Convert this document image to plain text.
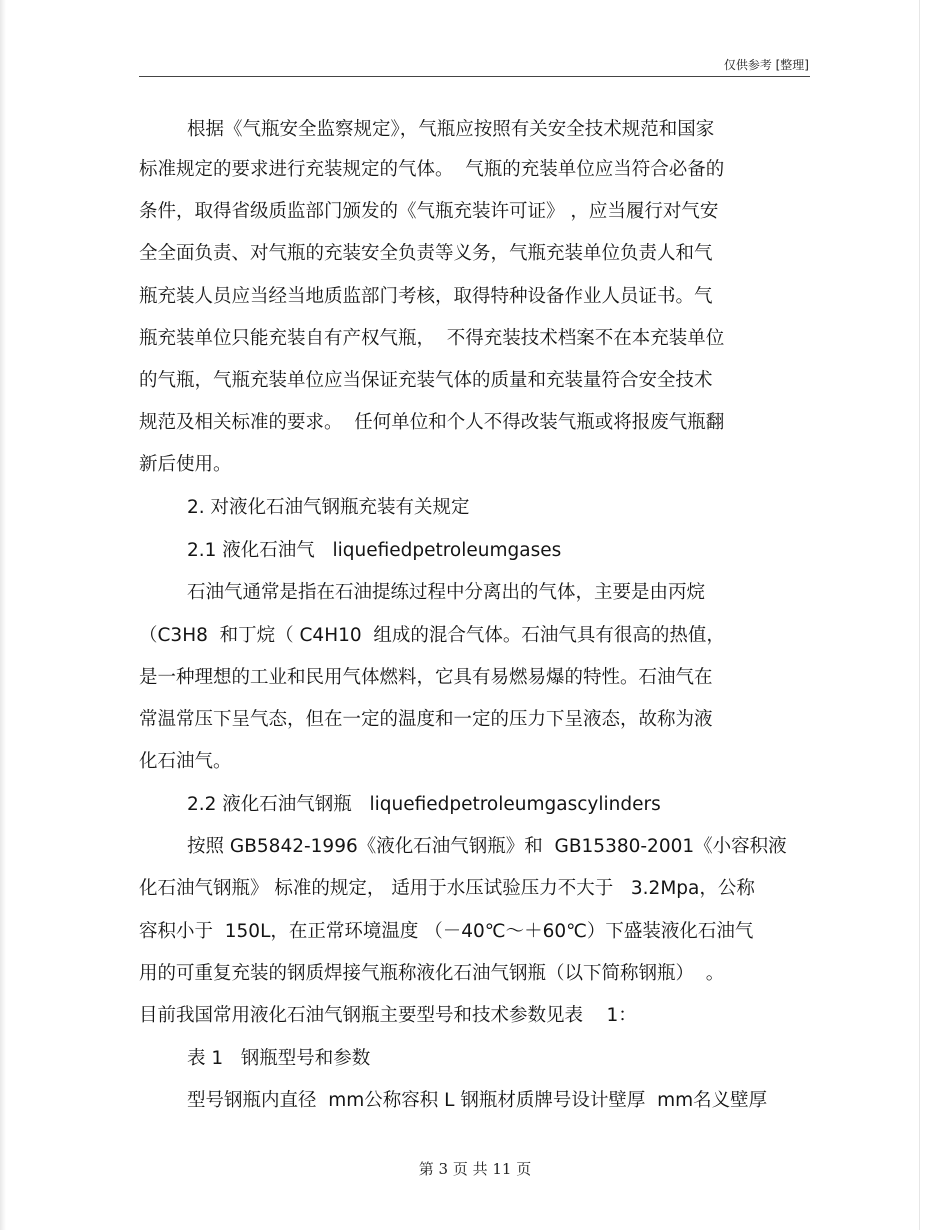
仅供参考 [整理]
根据《气瓶安全监察规定》，气瓶应按照有关安全技术规范和国家
标准规定的要求进行充装规定的气体。  气瓶的充装单位应当符合必备的
条件，取得省级质监部门颁发的《气瓶充装许可证》 ，应当履行对气安
全全面负责、对气瓶的充装安全负责等义务，气瓶充装单位负责人和气
瓶充装人员应当经当地质监部门考核，取得特种设备作业人员证书。气
瓶充装单位只能充装自有产权气瓶，  不得充装技术档案不在本充装单位
的气瓶，气瓶充装单位应当保证充装气体的质量和充装量符合安全技术
规范及相关标准的要求。  任何单位和个人不得改装气瓶或将报废气瓶翻
新后使用。
2. 对液化石油气钢瓶充装有关规定
2.1 液化石油气   liquefiedpetroleumgases
石油气通常是指在石油提练过程中分离出的气体，主要是由丙烷
（C3H8  和丁烷（ C4H10  组成的混合气体。石油气具有很高的热值，
是一种理想的工业和民用气体燃料，它具有易燃易爆的特性。石油气在
常温常压下呈气态，但在一定的温度和一定的压力下呈液态，故称为液
化石油气。
2.2 液化石油气钢瓶   liquefiedpetroleumgascylinders
按照 GB5842-1996《液化石油气钢瓶》和  GB15380-2001《小容积液
化石油气钢瓶》 标准的规定， 适用于水压试验压力不大于   3.2Mpa，公称
容积小于  150L，在正常环境温度 （－40℃～＋60℃）下盛装液化石油气
用的可重复充装的钢质焊接气瓶称液化石油气钢瓶（以下简称钢瓶）  。
目前我国常用液化石油气钢瓶主要型号和技术参数见表    1：
表 1   钢瓶型号和参数
型号钢瓶内直径  mm公称容积 L 钢瓶材质牌号设计壁厚  mm名义壁厚
第 3 页 共 11 页
